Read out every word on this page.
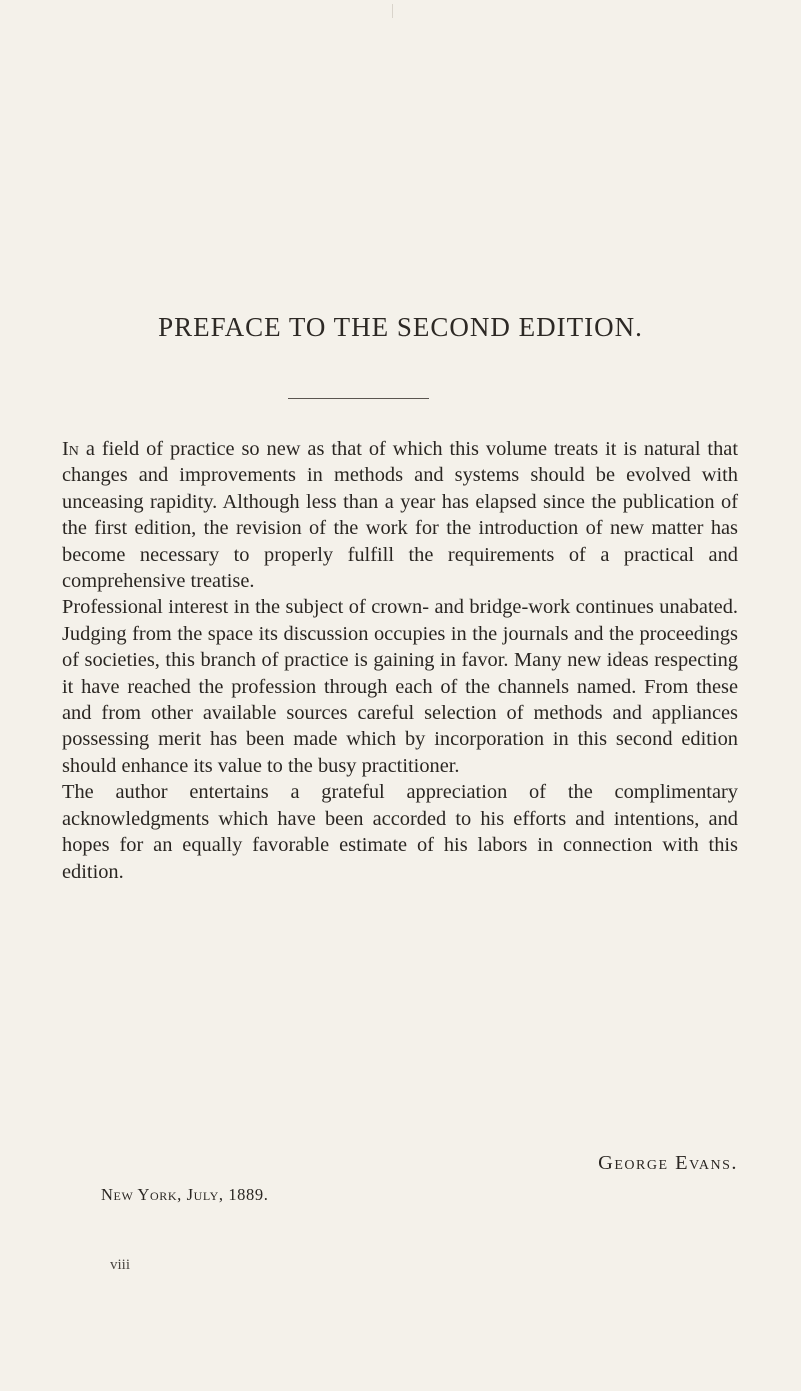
PREFACE TO THE SECOND EDITION.

In a field of practice so new as that of which this volume treats it is natural that changes and improvements in methods and systems should be evolved with unceasing rapidity. Although less than a year has elapsed since the publication of the first edition, the revision of the work for the introduction of new matter has become necessary to properly fulfill the requirements of a practical and comprehensive treatise.

Professional interest in the subject of crown- and bridge-work continues unabated. Judging from the space its discussion occupies in the journals and the proceedings of societies, this branch of practice is gaining in favor. Many new ideas respecting it have reached the profession through each of the channels named. From these and from other available sources careful selection of methods and appliances possessing merit has been made which by incorporation in this second edition should enhance its value to the busy practitioner.

The author entertains a grateful appreciation of the complimentary acknowledgments which have been accorded to his efforts and intentions, and hopes for an equally favorable estimate of his labors in connection with this edition.

George Evans.
New York, July, 1889.
viii
